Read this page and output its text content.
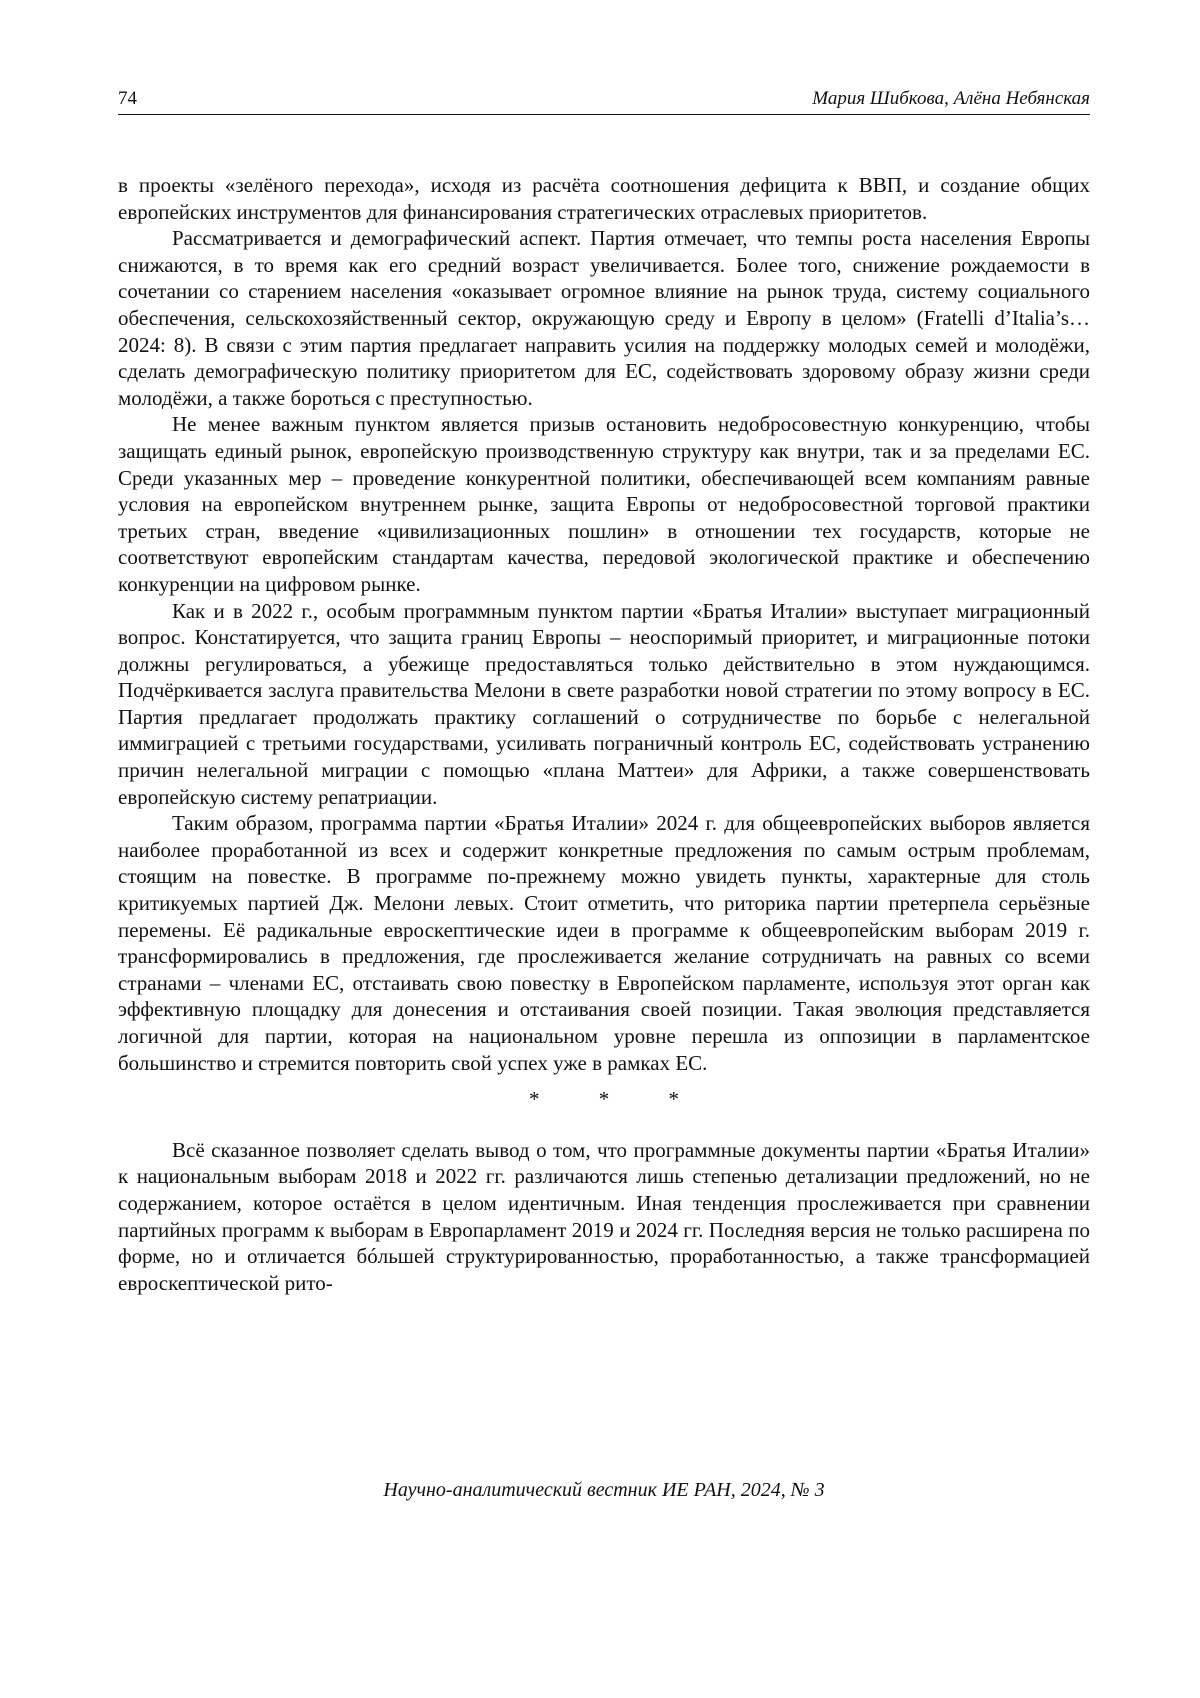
74	Мария Шибкова, Алёна Небянская

в проекты «зелёного перехода», исходя из расчёта соотношения дефицита к ВВП, и создание общих европейских инструментов для финансирования стратегических отраслевых приоритетов.

Рассматривается и демографический аспект. Партия отмечает, что темпы роста населения Европы снижаются, в то время как его средний возраст увеличивается. Более того, снижение рождаемости в сочетании со старением населения «оказывает огромное влияние на рынок труда, систему социального обеспечения, сельскохозяйственный сектор, окружающую среду и Европу в целом» (Fratelli d’Italia’s… 2024: 8). В связи с этим партия предлагает направить усилия на поддержку молодых семей и молодёжи, сделать демографическую политику приоритетом для ЕС, содействовать здоровому образу жизни среди молодёжи, а также бороться с преступностью.

Не менее важным пунктом является призыв остановить недобросовестную конкуренцию, чтобы защищать единый рынок, европейскую производственную структуру как внутри, так и за пределами ЕС. Среди указанных мер – проведение конкурентной политики, обеспечивающей всем компаниям равные условия на европейском внутреннем рынке, защита Европы от недобросовестной торговой практики третьих стран, введение «цивилизационных пошлин» в отношении тех государств, которые не соответствуют европейским стандартам качества, передовой экологической практике и обеспечению конкуренции на цифровом рынке.

Как и в 2022 г., особым программным пунктом партии «Братья Италии» выступает миграционный вопрос. Констатируется, что защита границ Европы – неоспоримый приоритет, и миграционные потоки должны регулироваться, а убежище предоставляться только действительно в этом нуждающимся. Подчёркивается заслуга правительства Мелони в свете разработки новой стратегии по этому вопросу в ЕС. Партия предлагает продолжать практику соглашений о сотрудничестве по борьбе с нелегальной иммиграцией с третьими государствами, усиливать пограничный контроль ЕС, содействовать устранению причин нелегальной миграции с помощью «плана Маттеи» для Африки, а также совершенствовать европейскую систему репатриации.

Таким образом, программа партии «Братья Италии» 2024 г. для общеевропейских выборов является наиболее проработанной из всех и содержит конкретные предложения по самым острым проблемам, стоящим на повестке. В программе по-прежнему можно увидеть пункты, характерные для столь критикуемых партией Дж. Мелони левых. Стоит отметить, что риторика партии претерпела серьёзные перемены. Её радикальные евроскептические идеи в программе к общеевропейским выборам 2019 г. трансформировались в предложения, где прослеживается желание сотрудничать на равных со всеми странами – членами ЕС, отстаивать свою повестку в Европейском парламенте, используя этот орган как эффективную площадку для донесения и отстаивания своей позиции. Такая эволюция представляется логичной для партии, которая на национальном уровне перешла из оппозиции в парламентское большинство и стремится повторить свой успех уже в рамках ЕС.

*	*	*

Всё сказанное позволяет сделать вывод о том, что программные документы партии «Братья Италии» к национальным выборам 2018 и 2022 гг. различаются лишь степенью детализации предложений, но не содержанием, которое остаётся в целом идентичным. Иная тенденция прослеживается при сравнении партийных программ к выборам в Европарламент 2019 и 2024 гг. Последняя версия не только расширена по форме, но и отличается бóльшей структурированностью, проработанностью, а также трансформацией евроскептической рито-

Научно-аналитический вестник ИЕ РАН, 2024, № 3
